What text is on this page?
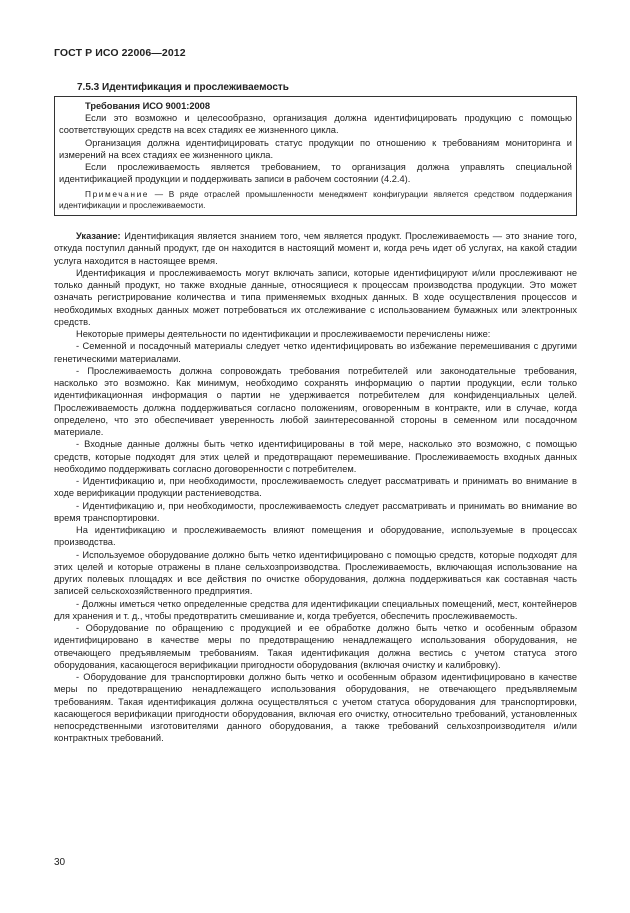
ГОСТ Р ИСО 22006—2012
7.5.3 Идентификация и прослеживаемость

Требования ИСО 9001:2008

Если это возможно и целесообразно, организация должна идентифицировать продукцию с помощью соответствующих средств на всех стадиях ее жизненного цикла.

Организация должна идентифицировать статус продукции по отношению к требованиям мониторинга и измерений на всех стадиях ее жизненного цикла.

Если прослеживаемость является требованием, то организация должна управлять специальной идентификацией продукции и поддерживать записи в рабочем состоянии (4.2.4).

Примечание — В ряде отраслей промышленности менеджмент конфигурации является средством поддержания идентификации и прослеживаемости.

Указание: Идентификация является знанием того, чем является продукт. Прослеживаемость — это знание того, откуда поступил данный продукт, где он находится в настоящий момент и, когда речь идет об услугах, на какой стадии услуга находится в настоящее время.

Идентификация и прослеживаемость могут включать записи, которые идентифицируют и/или прослеживают не только данный продукт, но также входные данные, относящиеся к процессам производства продукции. Это может означать регистрирование количества и типа применяемых входных данных. В ходе осуществления процессов и необходимых входных данных может потребоваться их отслеживание с использованием бумажных или электронных средств.

Некоторые примеры деятельности по идентификации и прослеживаемости перечислены ниже:

- Семенной и посадочный материалы следует четко идентифицировать во избежание перемешивания с другими генетическими материалами.

- Прослеживаемость должна сопровождать требования потребителей или законодательные требования, насколько это возможно. Как минимум, необходимо сохранять информацию о партии продукции, если только идентификационная информация о партии не удерживается потребителем для конфиденциальных целей. Прослеживаемость должна поддерживаться согласно положениям, оговоренным в контракте, или в случае, когда определено, что это обеспечивает уверенность любой заинтересованной стороны в семенном или посадочном материале.

- Входные данные должны быть четко идентифицированы в той мере, насколько это возможно, с помощью средств, которые подходят для этих целей и предотвращают перемешивание. Прослеживаемость входных данных необходимо поддерживать согласно договоренности с потребителем.

- Идентификацию и, при необходимости, прослеживаемость следует рассматривать и принимать во внимание в ходе верификации продукции растениеводства.

- Идентификацию и, при необходимости, прослеживаемость следует рассматривать и принимать во внимание во время транспортировки.

На идентификацию и прослеживаемость влияют помещения и оборудование, используемые в процессах производства.

- Используемое оборудование должно быть четко идентифицировано с помощью средств, которые подходят для этих целей и которые отражены в плане сельхозпроизводства. Прослеживаемость, включающая использование на других полевых площадях и все действия по очистке оборудования, должна поддерживаться как составная часть записей сельскохозяйственного предприятия.

- Должны иметься четко определенные средства для идентификации специальных помещений, мест, контейнеров для хранения и т. д., чтобы предотвратить смешивание и, когда требуется, обеспечить прослеживаемость.

- Оборудование по обращению с продукцией и ее обработке должно быть четко и особенным образом идентифицировано в качестве меры по предотвращению ненадлежащего использования оборудования, не отвечающего предъявляемым требованиям. Такая идентификация должна вестись с учетом статуса этого оборудования, касающегося верификации пригодности оборудования (включая очистку и калибровку).

- Оборудование для транспортировки должно быть четко и особенным образом идентифицировано в качестве меры по предотвращению ненадлежащего использования оборудования, не отвечающего предъявляемым требованиям. Такая идентификация должна осуществляться с учетом статуса оборудования для транспортировки, касающегося верификации пригодности оборудования, включая его очистку, относительно требований, установленных непосредственными изготовителями данного оборудования, а также требований сельхозпроизводителя и/или контрактных требований.

30
